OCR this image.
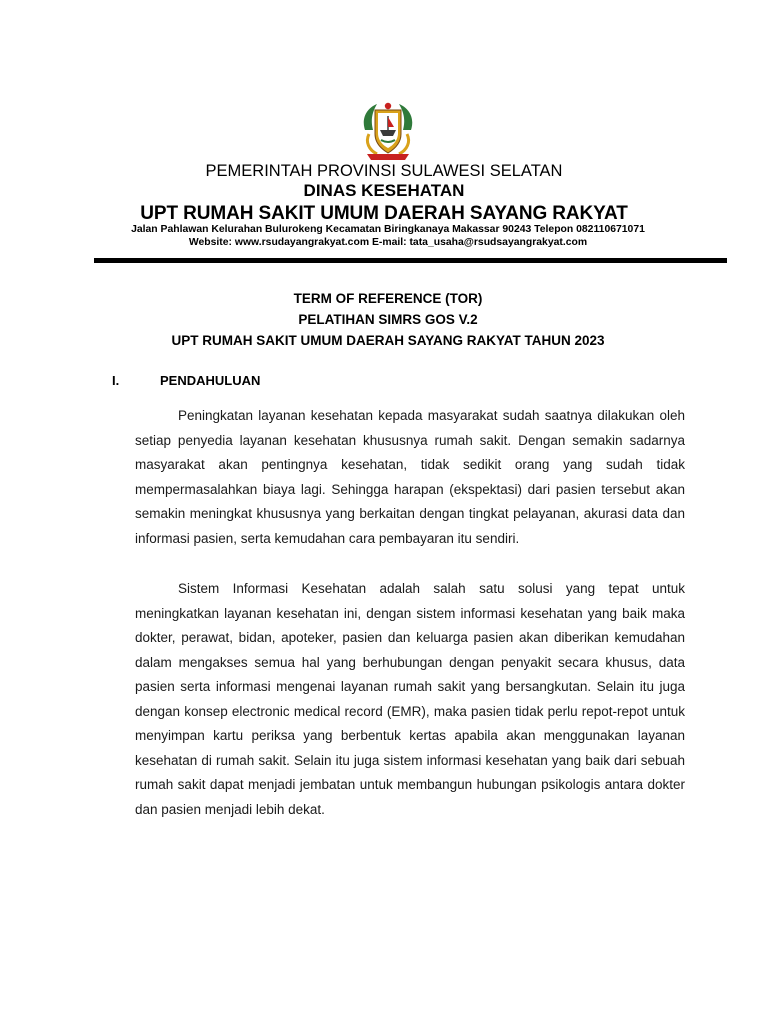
PEMERINTAH PROVINSI SULAWESI SELATAN
DINAS KESEHATAN
UPT RUMAH SAKIT UMUM DAERAH SAYANG RAKYAT
Jalan Pahlawan Kelurahan Bulurokeng Kecamatan Biringkanaya Makassar 90243 Telepon 082110671071
Website: www.rsudayangrakyat.com E-mail: tata_usaha@rsudsayangrakyat.com
TERM OF REFERENCE (TOR)
PELATIHAN SIMRS GOS V.2
UPT RUMAH SAKIT UMUM DAERAH SAYANG RAKYAT TAHUN 2023
I.	PENDAHULUAN

Peningkatan layanan kesehatan kepada masyarakat sudah saatnya dilakukan oleh setiap penyedia layanan kesehatan khususnya rumah sakit. Dengan semakin sadarnya masyarakat akan pentingnya kesehatan, tidak sedikit orang yang sudah tidak mempermasalahkan biaya lagi. Sehingga harapan (ekspektasi) dari pasien tersebut akan semakin meningkat khususnya yang berkaitan dengan tingkat pelayanan, akurasi data dan informasi pasien, serta kemudahan cara pembayaran itu sendiri.

Sistem Informasi Kesehatan adalah salah satu solusi yang tepat untuk meningkatkan layanan kesehatan ini, dengan sistem informasi kesehatan yang baik maka dokter, perawat, bidan, apoteker, pasien dan keluarga pasien akan diberikan kemudahan dalam mengakses semua hal yang berhubungan dengan penyakit secara khusus, data pasien serta informasi mengenai layanan rumah sakit yang bersangkutan. Selain itu juga dengan konsep electronic medical record (EMR), maka pasien tidak perlu repot-repot untuk menyimpan kartu periksa yang berbentuk kertas apabila akan menggunakan layanan kesehatan di rumah sakit. Selain itu juga sistem informasi kesehatan yang baik dari sebuah rumah sakit dapat menjadi jembatan untuk membangun hubungan psikologis antara dokter dan pasien menjadi lebih dekat.
